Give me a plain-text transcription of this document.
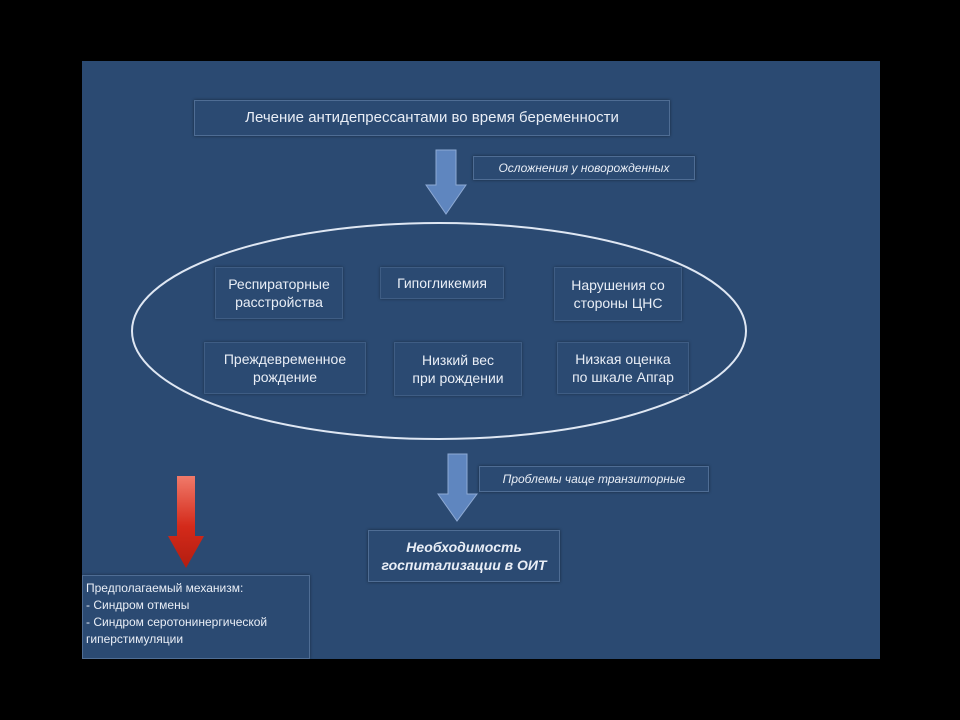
Лечение антидепрессантами во время беременности
Осложнения у новорожденных
Респираторные
расстройства
Гипогликемия	Нарушения со
стороны ЦНС
Преждевременное
рождение
Низкий вес
при рождении
Низкая оценка
по шкале Апгар
Проблемы чаще транзиторные
Необходимость
госпитализации в ОИТ
Предполагаемый механизм:
- Синдром отмены
- Синдром серотонинергической
гиперстимуляции
